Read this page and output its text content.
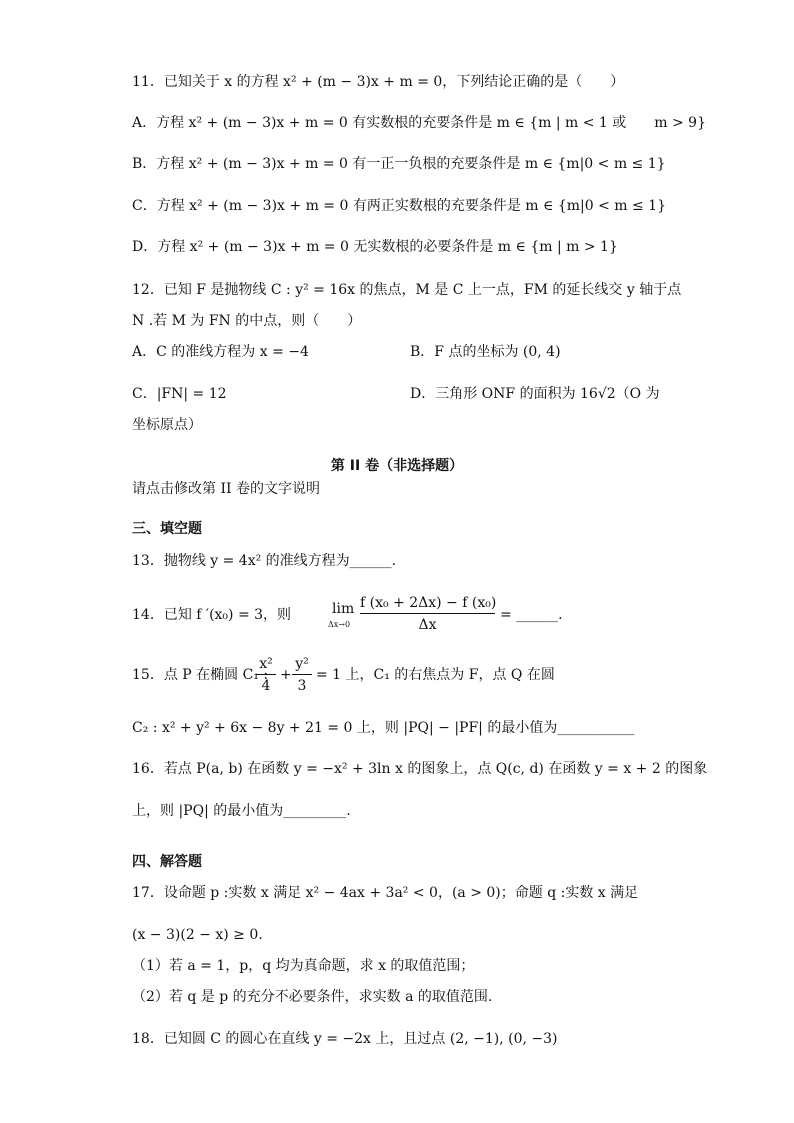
11．已知关于 x 的方程 x² + (m − 3)x + m = 0，下列结论正确的是（　　）
A．方程 x² + (m − 3)x + m = 0 有实数根的充要条件是 m ∈ {m | m < 1 或　　m > 9}
B．方程 x² + (m − 3)x + m = 0 有一正一负根的充要条件是 m ∈ {m|0 < m ≤ 1}
C．方程 x² + (m − 3)x + m = 0 有两正实数根的充要条件是 m ∈ {m|0 < m ≤ 1}
D．方程 x² + (m − 3)x + m = 0 无实数根的必要条件是 m ∈ {m | m > 1}
12．已知 F 是抛物线 C : y² = 16x 的焦点，M 是 C 上一点，FM 的延长线交 y 轴于点
N .若 M 为 FN 的中点，则（　　）
A．C 的准线方程为 x = −4	B．F 点的坐标为 (0, 4)
C．|FN| = 12	D．三角形 ONF 的面积为 16√2（O 为
坐标原点）
第 II 卷（非选择题）
请点击修改第 II 卷的文字说明
三、填空题
13．抛物线 y = 4x² 的准线方程为______.
14．已知 f ′(x₀) = 3，则	lim
Δx→0
f (x₀ + 2Δx) − f (x₀)
Δx
= ______.
15．点 P 在椭圆 C₁ :
x²
4
+
y²
3
= 1 上，C₁ 的右焦点为 F，点 Q 在圆
C₂ : x² + y² + 6x − 8y + 21 = 0 上，则 |PQ| − |PF| 的最小值为___________
16．若点 P(a, b) 在函数 y = −x² + 3ln x 的图象上，点 Q(c, d) 在函数 y = x + 2 的图象
上，则 |PQ| 的最小值为_________.
四、解答题
17．设命题 p :实数 x 满足 x² − 4ax + 3a² < 0，(a > 0)；命题 q :实数 x 满足
(x − 3)(2 − x) ≥ 0.
（1）若 a = 1，p，q 均为真命题，求 x 的取值范围；
（2）若 q 是 p 的充分不必要条件，求实数 a 的取值范围.
18．已知圆 C 的圆心在直线 y = −2x 上，且过点 (2, −1), (0, −3)
